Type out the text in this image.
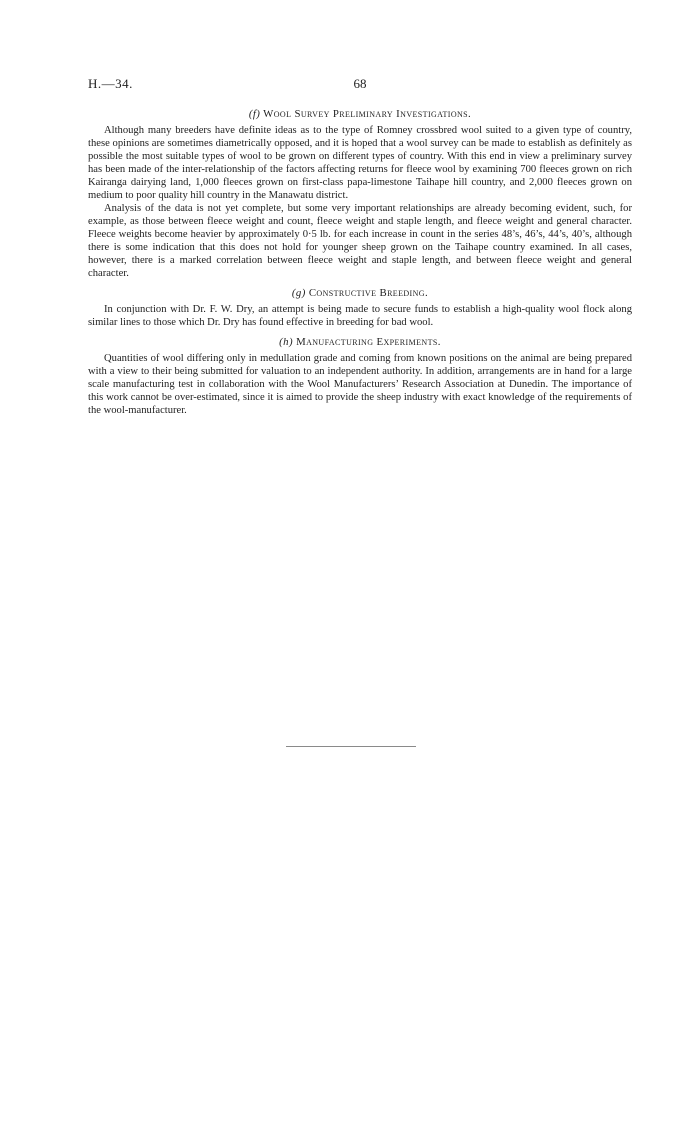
H.—34.	68
(f) Wool Survey Preliminary Investigations.

Although many breeders have definite ideas as to the type of Romney crossbred wool suited to a given type of country, these opinions are sometimes diametrically opposed, and it is hoped that a wool survey can be made to establish as definitely as possible the most suitable types of wool to be grown on different types of country. With this end in view a preliminary survey has been made of the inter-relationship of the factors affecting returns for fleece wool by examining 700 fleeces grown on rich Kairanga dairying land, 1,000 fleeces grown on first-class papa-limestone Taihape hill country, and 2,000 fleeces grown on medium to poor quality hill country in the Manawatu district.

Analysis of the data is not yet complete, but some very important relationships are already becoming evident, such, for example, as those between fleece weight and count, fleece weight and staple length, and fleece weight and general character. Fleece weights become heavier by approximately 0·5 lb. for each increase in count in the series 48’s, 46’s, 44’s, 40’s, although there is some indication that this does not hold for younger sheep grown on the Taihape country examined. In all cases, however, there is a marked correlation between fleece weight and staple length, and between fleece weight and general character.

(g) Constructive Breeding.

In conjunction with Dr. F. W. Dry, an attempt is being made to secure funds to establish a high-quality wool flock along similar lines to those which Dr. Dry has found effective in breeding for bad wool.

(h) Manufacturing Experiments.

Quantities of wool differing only in medullation grade and coming from known positions on the animal are being prepared with a view to their being submitted for valuation to an independent authority. In addition, arrangements are in hand for a large scale manufacturing test in collaboration with the Wool Manufacturers’ Research Association at Dunedin. The importance of this work cannot be over-estimated, since it is aimed to provide the sheep industry with exact knowledge of the requirements of the wool-manufacturer.
